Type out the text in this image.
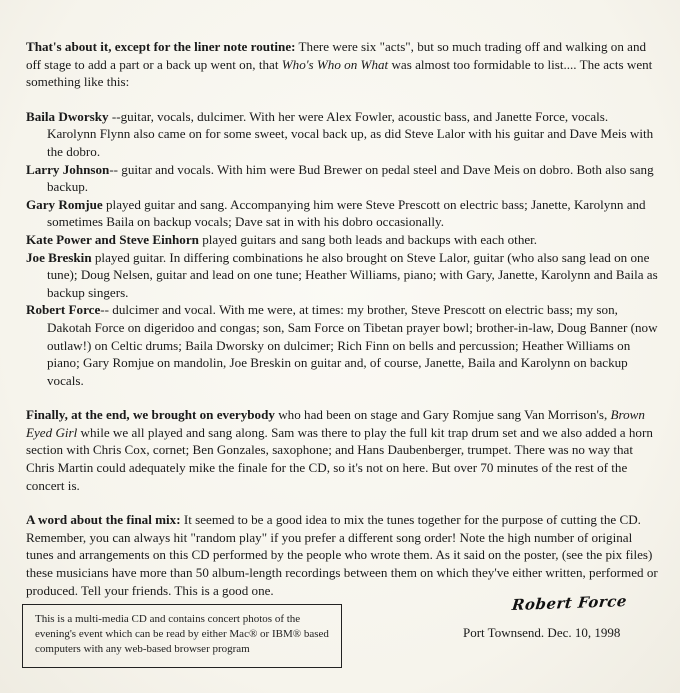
That's about it, except for the liner note routine: There were six "acts", but so much trading off and walking on and off stage to add a part or a back up went on, that Who's Who on What was almost too formidable to list.... The acts went something like this:

Baila Dworsky --guitar, vocals, dulcimer. With her were Alex Fowler, acoustic bass, and Janette Force, vocals. Karolynn Flynn also came on for some sweet, vocal back up, as did Steve Lalor with his guitar and Dave Meis with the dobro.

Larry Johnson-- guitar and vocals. With him were Bud Brewer on pedal steel and Dave Meis on dobro. Both also sang backup.

Gary Romjue played guitar and sang. Accompanying him were Steve Prescott on electric bass; Janette, Karolynn and sometimes Baila on backup vocals; Dave sat in with his dobro occasionally.

Kate Power and Steve Einhorn played guitars and sang both leads and backups with each other.

Joe Breskin played guitar. In differing combinations he also brought on Steve Lalor, guitar (who also sang lead on one tune); Doug Nelsen, guitar and lead on one tune; Heather Williams, piano; with Gary, Janette, Karolynn and Baila as backup singers.

Robert Force-- dulcimer and vocal. With me were, at times: my brother, Steve Prescott on electric bass; my son, Dakotah Force on digeridoo and congas; son, Sam Force on Tibetan prayer bowl; brother-in-law, Doug Banner (now outlaw!) on Celtic drums; Baila Dworsky on dulcimer; Rich Finn on bells and percussion; Heather Williams on piano; Gary Romjue on mandolin, Joe Breskin on guitar and, of course, Janette, Baila and Karolynn on backup vocals.

Finally, at the end, we brought on everybody who had been on stage and Gary Romjue sang Van Morrison's, Brown Eyed Girl while we all played and sang along. Sam was there to play the full kit trap drum set and we also added a horn section with Chris Cox, cornet; Ben Gonzales, saxophone; and Hans Daubenberger, trumpet. There was no way that Chris Martin could adequately mike the finale for the CD, so it's not on here. But over 70 minutes of the rest of the concert is.

A word about the final mix: It seemed to be a good idea to mix the tunes together for the purpose of cutting the CD. Remember, you can always hit "random play" if you prefer a different song order! Note the high number of original tunes and arrangements on this CD performed by the people who wrote them. As it said on the poster, (see the pix files) these musicians have more than 50 album-length recordings between them on which they've either written, performed or produced. Tell your friends. This is a good one.

This is a multi-media CD and contains concert photos of the evening's event which can be read by either Mac® or IBM® based computers with any web-based browser program
Robert Force
Port Townsend. Dec. 10, 1998
